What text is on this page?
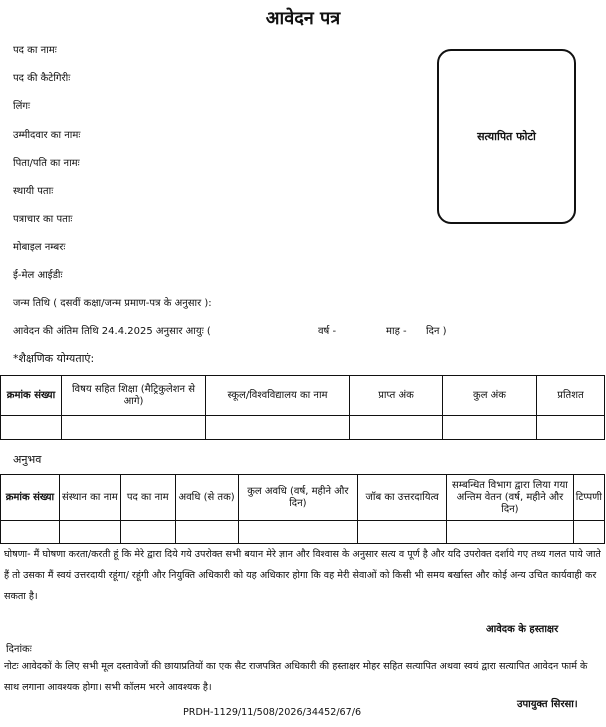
आवेदन पत्र
पद का नामः
पद की कैटेगिरीः
लिंगः
उम्मीदवार का नामः
पिता/पति का नामः
स्थायी पताः
पत्राचार का पताः
मोबाइल नम्बरः
ई-मेल आईडीः
जन्म तिथि ( दसवीं कक्षा/जन्म प्रमाण-पत्र के अनुसार ):
सत्यापित फोटो
आवेदन की अंतिम तिथि 24.4.2025 अनुसार आयुः (	वर्ष -	माह - दिन )
*शैक्षणिक योग्यताएं:
क्रमांक संख्या	विषय सहित शिक्षा (मैट्रिकुलेशन से आगे)	स्कूल/विश्वविद्यालय का नाम	प्राप्त अंक	कुल अंक	प्रतिशत

अनुभव
क्रमांक संख्या	संस्थान का नाम	पद का नाम	अवधि (से तक)	कुल अवधि (वर्ष, महीने और दिन)	जॉब का उत्तरदायित्व	सम्बन्धित विभाग द्वारा लिया गया अन्तिम वेतन (वर्ष, महीने और दिन)	टिप्पणी

घोषणा- मैं घोषणा करता/करती हूं कि मेरे द्वारा दिये गये उपरोक्त सभी बयान मेरे ज्ञान और विश्वास के अनुसार सत्य व पूर्ण है और यदि उपरोक्त दर्शाये गए तथ्य गलत पाये जाते हैं तो उसका मैं स्वयं उत्तरदायी रहूंगा/ रहूंगी और नियुक्ति अधिकारी को यह अधिकार होगा कि वह मेरी सेवाओं को किसी भी समय बर्खास्त और कोई अन्य उचित कार्यवाही कर सकता है।
आवेदक के हस्ताक्षर
दिनांकः
नोटः आवेदकों के लिए सभी मूल दस्तावेजों की छायाप्रतियों का एक सैट राजपत्रित अधिकारी की हस्ताक्षर मोहर सहित सत्यापित अथवा स्वयं द्वारा सत्यापित आवेदन फार्म के साथ लगाना आवश्यक होगा। सभी कॉलम भरने आवश्यक है।
उपायुक्त सिरसा।
PRDH-1129/11/508/2026/34452/67/6
